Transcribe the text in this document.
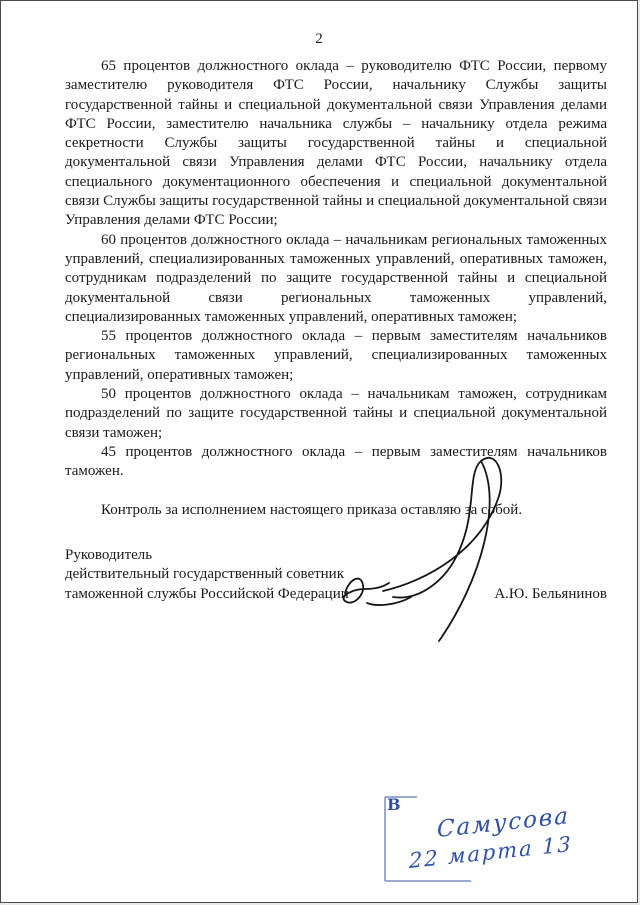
2

65 процентов должностного оклада – руководителю ФТС России, первому заместителю руководителя ФТС России, начальнику Службы защиты государственной тайны и специальной документальной связи Управления делами ФТС России, заместителю начальника службы – начальнику отдела режима секретности Службы защиты государственной тайны и специальной документальной связи Управления делами ФТС России, начальнику отдела специального документационного обеспечения и специальной документальной связи Службы защиты государственной тайны и специальной документальной связи Управления делами ФТС России;

60 процентов должностного оклада – начальникам региональных таможенных управлений, специализированных таможенных управлений, оперативных таможен, сотрудникам подразделений по защите государственной тайны и специальной документальной связи региональных таможенных управлений, специализированных таможенных управлений, оперативных таможен;

55 процентов должностного оклада – первым заместителям начальников региональных таможенных управлений, специализированных таможенных управлений, оперативных таможен;

50 процентов должностного оклада – начальникам таможен, сотрудникам подразделений по защите государственной тайны и специальной документальной связи таможен;

45 процентов должностного оклада – первым заместителям начальников таможен.

Контроль за исполнением настоящего приказа оставляю за собой.

Руководитель
действительный государственный советник
таможенной службы Российской Федерации	А.Ю. Бельянинов
В Самусова
22 марта 13
